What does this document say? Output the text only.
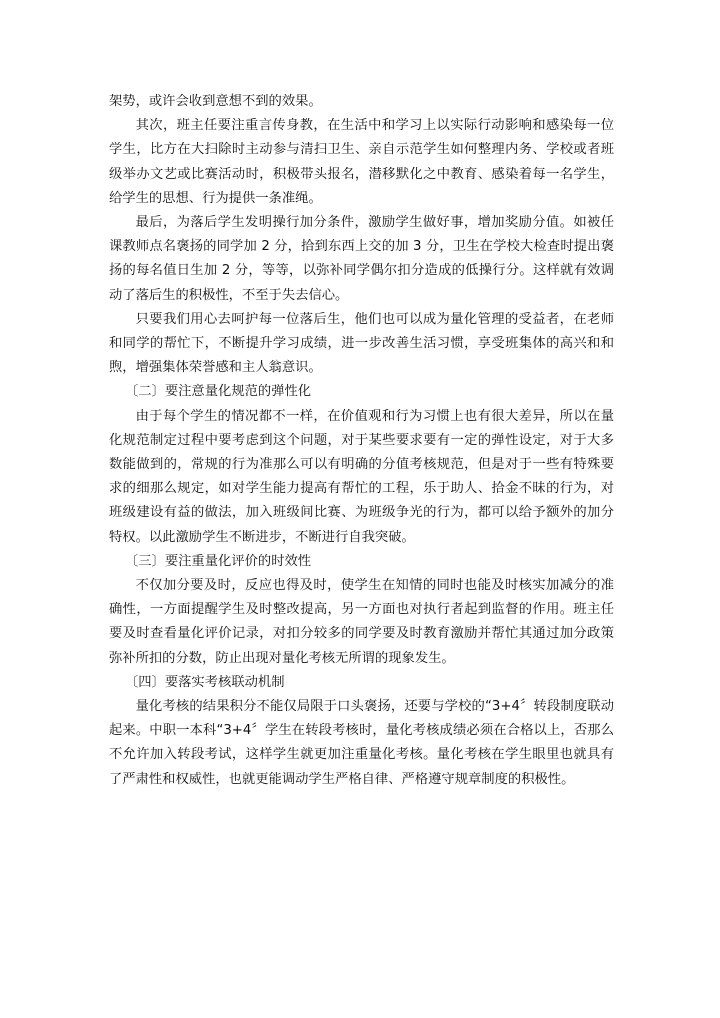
架势，或许会收到意想不到的效果。

其次，班主任要注重言传身教，在生活中和学习上以实际行动影响和感染每一位学生，比方在大扫除时主动参与清扫卫生、亲自示范学生如何整理内务、学校或者班级举办文艺或比赛活动时，积极带头报名，潜移默化之中教育、感染着每一名学生，给学生的思想、行为提供一条准绳。

最后，为落后学生发明操行加分条件，激励学生做好事，增加奖励分值。如被任课教师点名褒扬的同学加 2 分，拾到东西上交的加 3 分，卫生在学校大检查时提出褒扬的每名值日生加 2 分，等等，以弥补同学偶尔扣分造成的低操行分。这样就有效调动了落后生的积极性，不至于失去信心。

只要我们用心去呵护每一位落后生，他们也可以成为量化管理的受益者，在老师和同学的帮忙下，不断提升学习成绩，进一步改善生活习惯，享受班集体的高兴和和煦，增强集体荣誉感和主人翁意识。

〔二〕要注意量化规范的弹性化

由于每个学生的情况都不一样，在价值观和行为习惯上也有很大差异，所以在量化规范制定过程中要考虑到这个问题，对于某些要求要有一定的弹性设定，对于大多数能做到的，常规的行为准那么可以有明确的分值考核规范，但是对于一些有特殊要求的细那么规定，如对学生能力提高有帮忙的工程，乐于助人、拾金不昧的行为，对班级建设有益的做法，加入班级间比赛、为班级争光的行为，都可以给予额外的加分特权。以此激励学生不断进步，不断进行自我突破。

〔三〕要注重量化评价的时效性

不仅加分要及时，反应也得及时，使学生在知情的同时也能及时核实加减分的准确性，一方面提醒学生及时整改提高，另一方面也对执行者起到监督的作用。班主任要及时查看量化评价记录，对扣分较多的同学要及时教育激励并帮忙其通过加分政策弥补所扣的分数，防止出现对量化考核无所谓的现象发生。

〔四〕要落实考核联动机制

量化考核的结果积分不能仅局限于口头褒扬，还要与学校的“3+4〞转段制度联动起来。中职一本科“3+4〞学生在转段考核时，量化考核成绩必须在合格以上，否那么不允许加入转段考试，这样学生就更加注重量化考核。量化考核在学生眼里也就具有了严肃性和权威性，也就更能调动学生严格自律、严格遵守规章制度的积极性。
